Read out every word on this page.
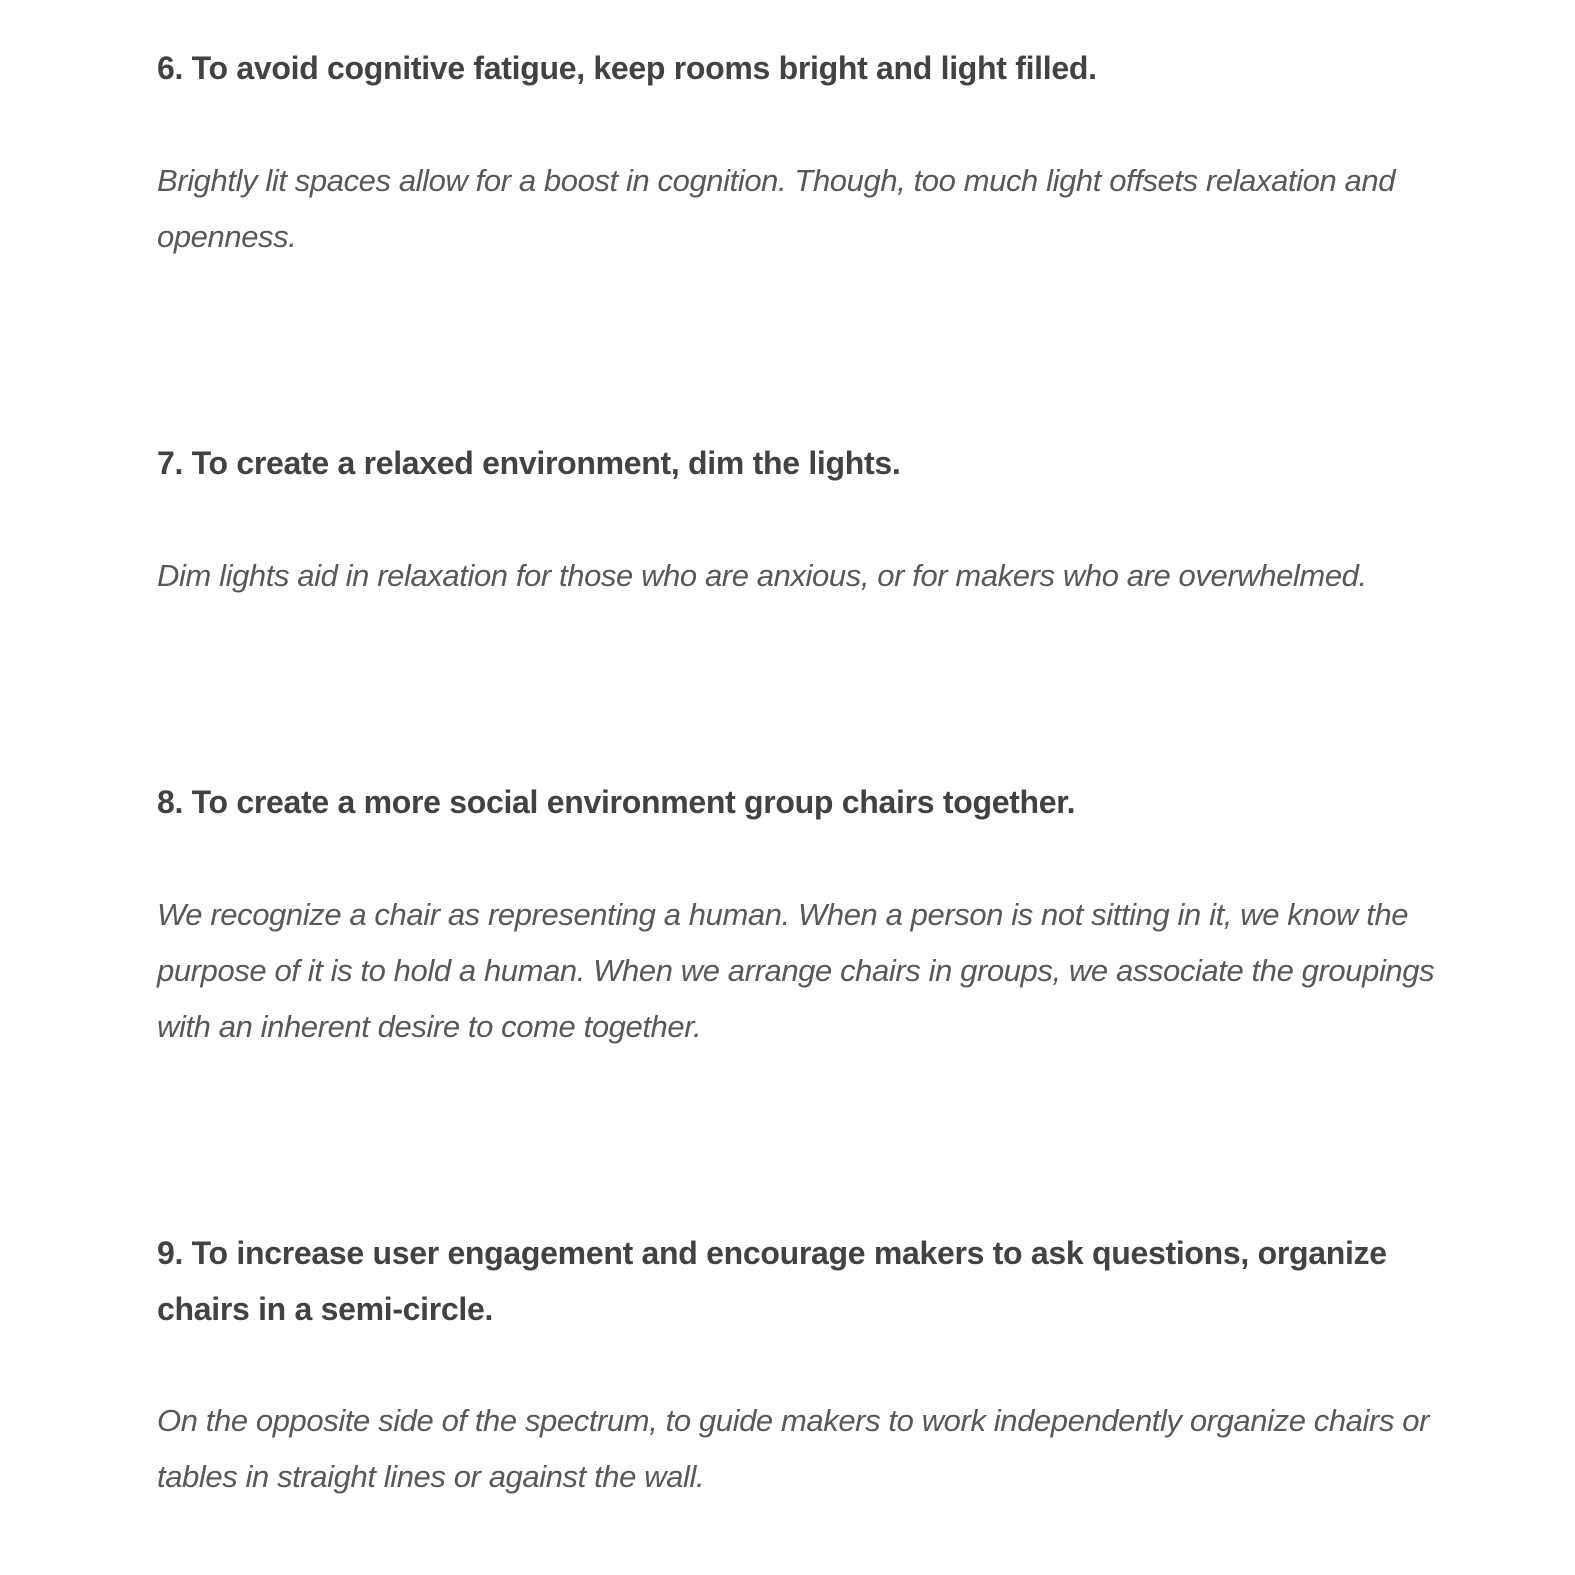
6. To avoid cognitive fatigue, keep rooms bright and light filled.

Brightly lit spaces allow for a boost in cognition. Though, too much light offsets relaxation and openness.

7. To create a relaxed environment, dim the lights.

Dim lights aid in relaxation for those who are anxious, or for makers who are overwhelmed.

8. To create a more social environment group chairs together.

We recognize a chair as representing a human. When a person is not sitting in it, we know the purpose of it is to hold a human. When we arrange chairs in groups, we associate the groupings with an inherent desire to come together.

9. To increase user engagement and encourage makers to ask questions, organize chairs in a semi-circle.

On the opposite side of the spectrum, to guide makers to work independently organize chairs or tables in straight lines or against the wall.
